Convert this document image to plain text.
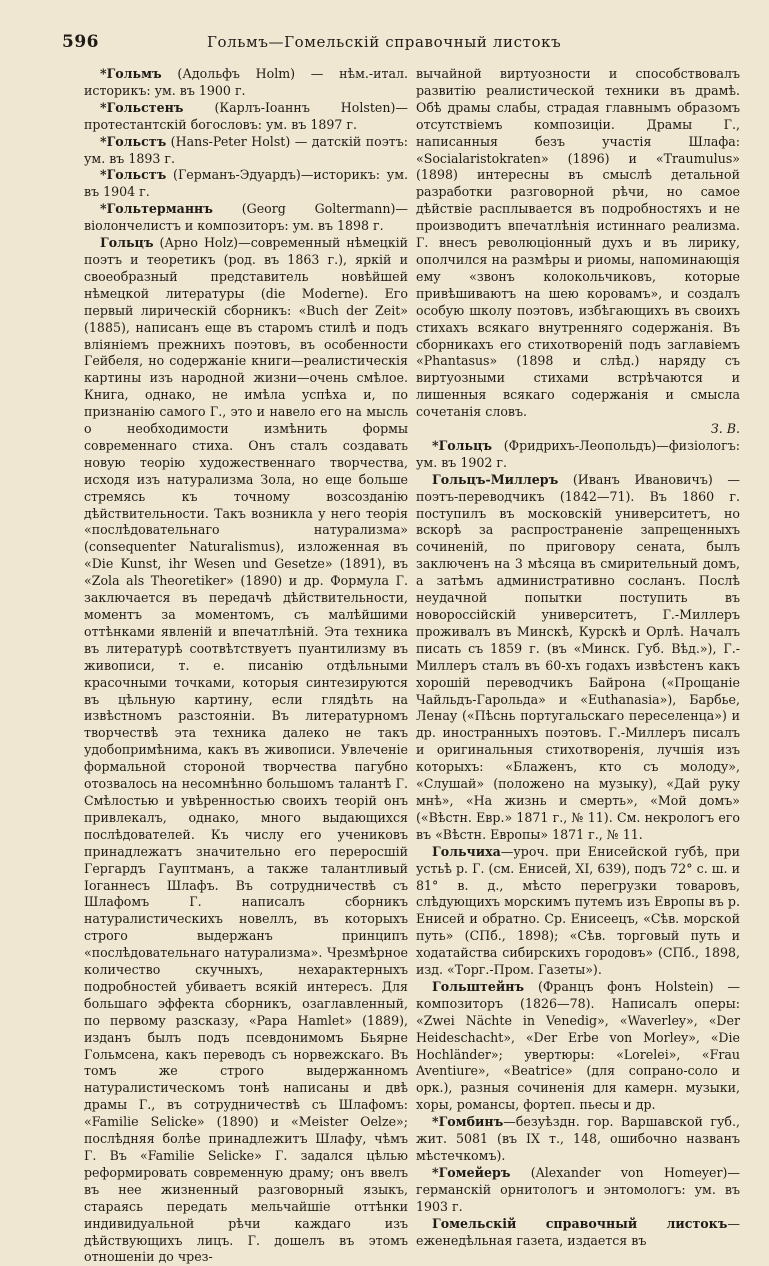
596	Гольмъ—Гомельскiй справочный листокъ

*Гольмъ (Адольфъ Holm) — нѣм.-итал. историкъ: ум. въ 1900 г.

*Гольстенъ (Карлъ-Iоаннъ Holsten)— протестантскiй богословъ: ум. въ 1897 г.

*Гольстъ (Hans-Peter Holst) — датскiй поэтъ: ум. въ 1893 г.

*Гольстъ (Германъ-Эдуардъ)—историкъ: ум. въ 1904 г.

*Гольтерманнъ (Georg Goltermann)— вiолончелистъ и композиторъ: ум. въ 1898 г.

Гольцъ (Арно Holz)—современный нѣмецкiй поэтъ и теоретикъ (род. въ 1863 г.), яркiй и своеобразный представитель новѣйшей нѣмецкой литературы (die Moderne). Его первый лирическiй сборникъ: «Buch der Zeit» (1885), написанъ еще въ старомъ стилѣ и подъ влiянiемъ прежнихъ поэтовъ, въ особенности Гейбеля, но содержанiе книги—реалистическiя картины изъ народной жизни—очень смѣлое. Книга, однако, не имѣла успѣха и, по признанiю самого Г., это и навело его на мысль о необходимости измѣнить формы современнаго стиха. Онъ сталъ создавать новую теорiю художественнаго творчества, исходя изъ натурализма Зола, но еще больше стремясь къ точному возсозданiю дѣйствительности. Такъ возникла у него теорiя «послѣдовательнаго натурализма» (consequenter Naturalismus), изложенная въ «Die Kunst, ihr Wesen und Gesetze» (1891), въ «Zola als Theoretiker» (1890) и др. Формула Г. заключается въ передачѣ дѣйствительности, моментъ за моментомъ, съ малѣйшими оттѣнками явленiй и впечатлѣнiй. Эта техника въ литературѣ соотвѣтствуетъ пуантилизму въ живописи, т. е. писанiю отдѣльными красочными точками, которыя синтезируются въ цѣльную картину, если глядѣть на извѣстномъ разстоянiи. Въ литературномъ творчествѣ эта техника далеко не такъ удобопримѣнима, какъ въ живописи. Увлеченiе формальной стороной творчества пагубно отозвалось на несомнѣнно большомъ талантѣ Г. Смѣлостью и увѣренностью своихъ теорiй онъ привлекалъ, однако, много выдающихся послѣдователей. Къ числу его учениковъ принадлежатъ значительно его переросшiй Гергардъ Гауптманъ, а также талантливый Iоганнесъ Шлафъ. Въ сотрудничествѣ съ Шлафомъ Г. написалъ сборникъ натуралистическихъ новеллъ, въ которыхъ строго выдержанъ принципъ «послѣдовательнаго натурализма». Чрезмѣрное количество скучныхъ, нехарактерныхъ подробностей убиваетъ всякiй интересъ. Для большаго эффекта сборникъ, озаглавленный, по первому разсказу, «Papa Hamlet» (1889), изданъ былъ подъ псевдонимомъ Бьярне Гольмсена, какъ переводъ съ норвежскаго. Въ томъ же строго выдержанномъ натуралистическомъ тонѣ написаны и двѣ драмы Г., въ сотрудничествѣ съ Шлафомъ: «Familie Selicke» (1890) и «Meister Oelze»; послѣдняя болѣе принадлежитъ Шлафу, чѣмъ Г. Въ «Familie Selicke» Г. задался цѣлью реформировать современную драму; онъ ввелъ въ нее жизненный разговорный языкъ, стараясь передать мельчайшiе оттѣнки индивидуальной рѣчи каждаго изъ дѣйствующихъ лицъ. Г. дошелъ въ этомъ отношенiи до чрез-

вычайной виртуозности и способствовалъ развитiю реалистической техники въ драмѣ. Обѣ драмы слабы, страдая главнымъ образомъ отсутствiемъ композицiи. Драмы Г., написанныя безъ участiя Шлафа: «Socialaristokraten» (1896) и «Traumulus» (1898) интересны въ смыслѣ детальной разработки разговорной рѣчи, но самое дѣйствiе расплывается въ подробностяхъ и не производитъ впечатлѣнiя истиннаго реализма. Г. внесъ революцiонный духъ и въ лирику, ополчился на размѣры и риомы, напоминающiя ему «звонъ колокольчиковъ, которые привѣшиваютъ на шею коровамъ», и создалъ особую школу поэтовъ, избѣгающихъ въ своихъ стихахъ всякаго внутренняго содержанiя. Въ сборникахъ его стихотворенiй подъ заглавiемъ «Phantasus» (1898 и слѣд.) наряду съ виртуозными стихами встрѣчаются и лишенныя всякаго содержанiя и смысла сочетанiя словъ.

З. В.

*Гольцъ (Фридрихъ-Леопольдъ)—физiологъ: ум. въ 1902 г.

Гольцъ-Миллеръ (Иванъ Ивановичъ) —поэтъ-переводчикъ (1842—71). Въ 1860 г. поступилъ въ московскiй университетъ, но вскорѣ за распространенiе запрещенныхъ сочиненiй, по приговору сената, былъ заключенъ на 3 мѣсяца въ смирительный домъ, а затѣмъ административно сосланъ. Послѣ неудачной попытки поступить въ новороссiйскiй университетъ, Г.-Миллеръ проживалъ въ Минскѣ, Курскѣ и Орлѣ. Началъ писать съ 1859 г. (въ «Минск. Губ. Вѣд.»), Г.-Миллеръ сталъ въ 60-хъ годахъ извѣстенъ какъ хорошiй переводчикъ Байрона («Прощанiе Чайльдъ-Гарольда» и «Euthanasia»), Барбье, Ленау («Пѣснь португальскаго переселенца») и др. иностранныхъ поэтовъ. Г.-Миллеръ писалъ и оригинальныя стихотворенiя, лучшiя изъ которыхъ: «Блаженъ, кто съ молоду», «Слушай» (положено на музыку), «Дай руку мнѣ», «На жизнь и смерть», «Мой домъ» («Вѣстн. Евр.» 1871 г., № 11). См. некрологъ его въ «Вѣстн. Европы» 1871 г., № 11.

Гольчиха—уроч. при Енисейской губѣ, при устьѣ р. Г. (см. Енисей, XI, 639), подъ 72° с. ш. и 81° в. д., мѣсто перегрузки товаровъ, слѣдующихъ морскимъ путемъ изъ Европы въ р. Енисей и обратно. Ср. Енисеецъ, «Сѣв. морской путь» (СПб., 1898); «Сѣв. торговый путь и ходатайства сибирскихъ городовъ» (СПб., 1898, изд. «Торг.-Пром. Газеты»).

Гольштейнъ (Францъ фонъ Holstein) —композиторъ (1826—78). Написалъ оперы: «Zwei Nächte in Venedig», «Waverley», «Der Heideschacht», «Der Erbe von Morley», «Die Hochländer»; увертюры: «Lorelei», «Frau Aventiure», «Beatrice» (для сопрано-соло и орк.), разныя сочиненiя для камерн. музыки, хоры, романсы, фортеп. пьесы и др.

*Гомбинъ—безуѣздн. гор. Варшавской губ., жит. 5081 (въ IX т., 148, ошибочно названъ мѣстечкомъ).

*Гомейеръ (Alexander von Homeyer)— германскiй орнитологъ и энтомологъ: ум. въ 1903 г.

Гомельскiй справочный листокъ—еженедѣльная газета, издается въ
